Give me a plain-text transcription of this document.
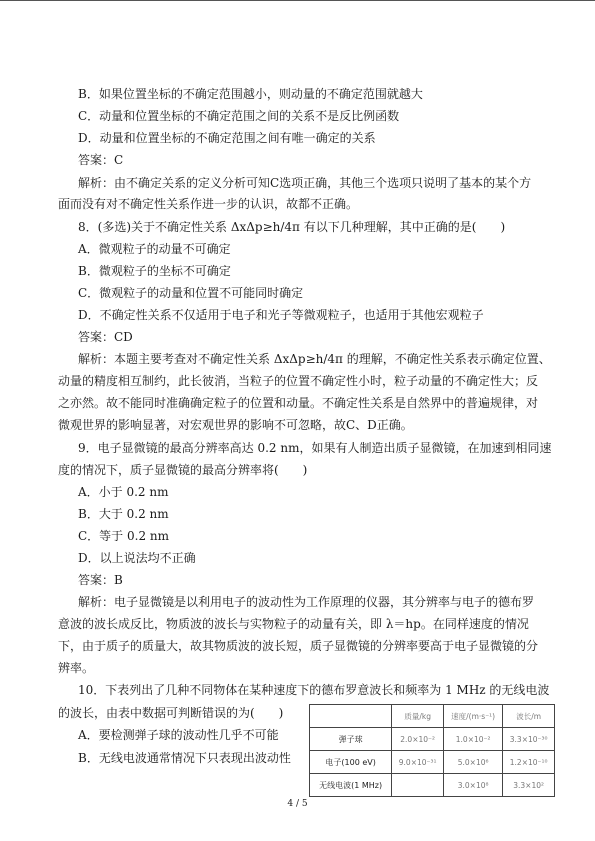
B．如果位置坐标的不确定范围越小，则动量的不确定范围就越大
C．动量和位置坐标的不确定范围之间的关系不是反比例函数
D．动量和位置坐标的不确定范围之间有唯一确定的关系
答案：C
解析：由不确定关系的定义分析可知C选项正确，其他三个选项只说明了基本的某个方
面而没有对不确定性关系作进一步的认识，故都不正确。
8．(多选)关于不确定性关系 ΔxΔp≥h/4π 有以下几种理解，其中正确的是(　　)
A．微观粒子的动量不可确定
B．微观粒子的坐标不可确定
C．微观粒子的动量和位置不可能同时确定
D．不确定性关系不仅适用于电子和光子等微观粒子，也适用于其他宏观粒子
答案：CD
解析：本题主要考查对不确定性关系 ΔxΔp≥h/4π 的理解，不确定性关系表示确定位置、
动量的精度相互制约，此长彼消，当粒子的位置不确定性小时，粒子动量的不确定性大；反
之亦然。故不能同时准确确定粒子的位置和动量。不确定性关系是自然界中的普遍规律，对
微观世界的影响显著，对宏观世界的影响不可忽略，故C、D正确。
9．电子显微镜的最高分辨率高达 0.2 nm，如果有人制造出质子显微镜，在加速到相同速
度的情况下，质子显微镜的最高分辨率将(　　)
A．小于 0.2 nm
B．大于 0.2 nm
C．等于 0.2 nm
D．以上说法均不正确
答案：B
解析：电子显微镜是以利用电子的波动性为工作原理的仪器，其分辨率与电子的德布罗
意波的波长成反比，物质波的波长与实物粒子的动量有关，即 λ＝hp。在同样速度的情况
下，由于质子的质量大，故其物质波的波长短，质子显微镜的分辨率要高于电子显微镜的分
辨率。
10．下表列出了几种不同物体在某种速度下的德布罗意波长和频率为 1 MHz 的无线电波
的波长，由表中数据可判断错误的为(　　)
A．要检测弹子球的波动性几乎不可能
B．无线电波通常情况下只表现出波动性
	质量/kg	速度/(m·s⁻¹)	波长/m
弹子球	2.0×10⁻²	1.0×10⁻²	3.3×10⁻³⁰
电子(100 eV)	9.0×10⁻³¹	5.0×10⁶	1.2×10⁻¹⁰
无线电波(1 MHz)		3.0×10⁸	3.3×10²
4 / 5
